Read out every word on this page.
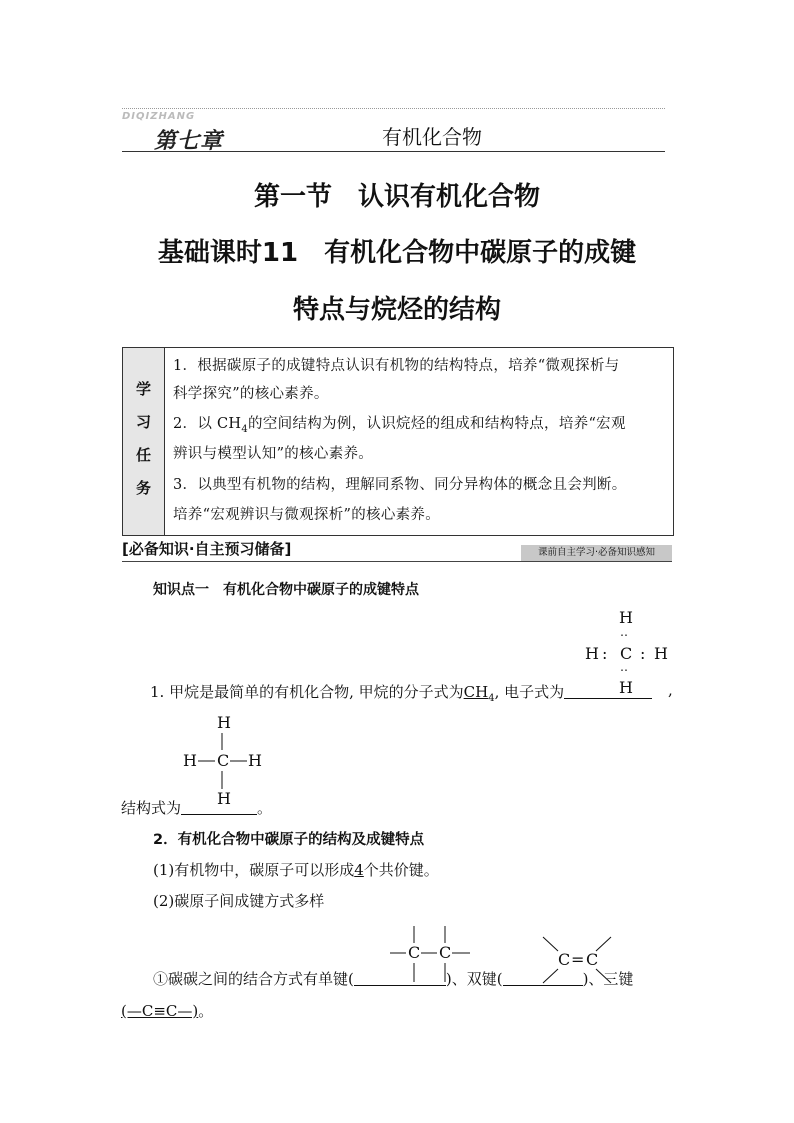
DIQIZHANG
第七章	有机化合物
第一节　认识有机化合物
基础课时11　有机化合物中碳原子的成键
特点与烷烃的结构
学
习
任
务
1．根据碳原子的成键特点认识有机物的结构特点，培养“微观探析与
科学探究”的核心素养。
2．以 $CH_4$的空间结构为例，认识烷烃的组成和结构特点，培养“宏观
辨识与模型认知”的核心素养。
3．以典型有机物的结构，理解同系物、同分异构体的概念且会判断。
培养“宏观辨识与微观探析”的核心素养。
[必备知识·自主预习储备]	课前自主学习·必备知识感知
知识点一　有机化合物中碳原子的成键特点
H
‥
H : C : H
‥
1. 甲烷是最简单的有机化合物, 甲烷的分子式为$CH_4$, 电子式为	H ,
H
H C H
结构式为	。
H
2．有机化合物中碳原子的结构及成键特点
(1)有机物中，碳原子可以形成4个共价键。
(2)碳原子间成键方式多样
C C	C = C
①碳碳之间的结合方式有单键(	)、双键(	)、三键
(—C≡C—)。
